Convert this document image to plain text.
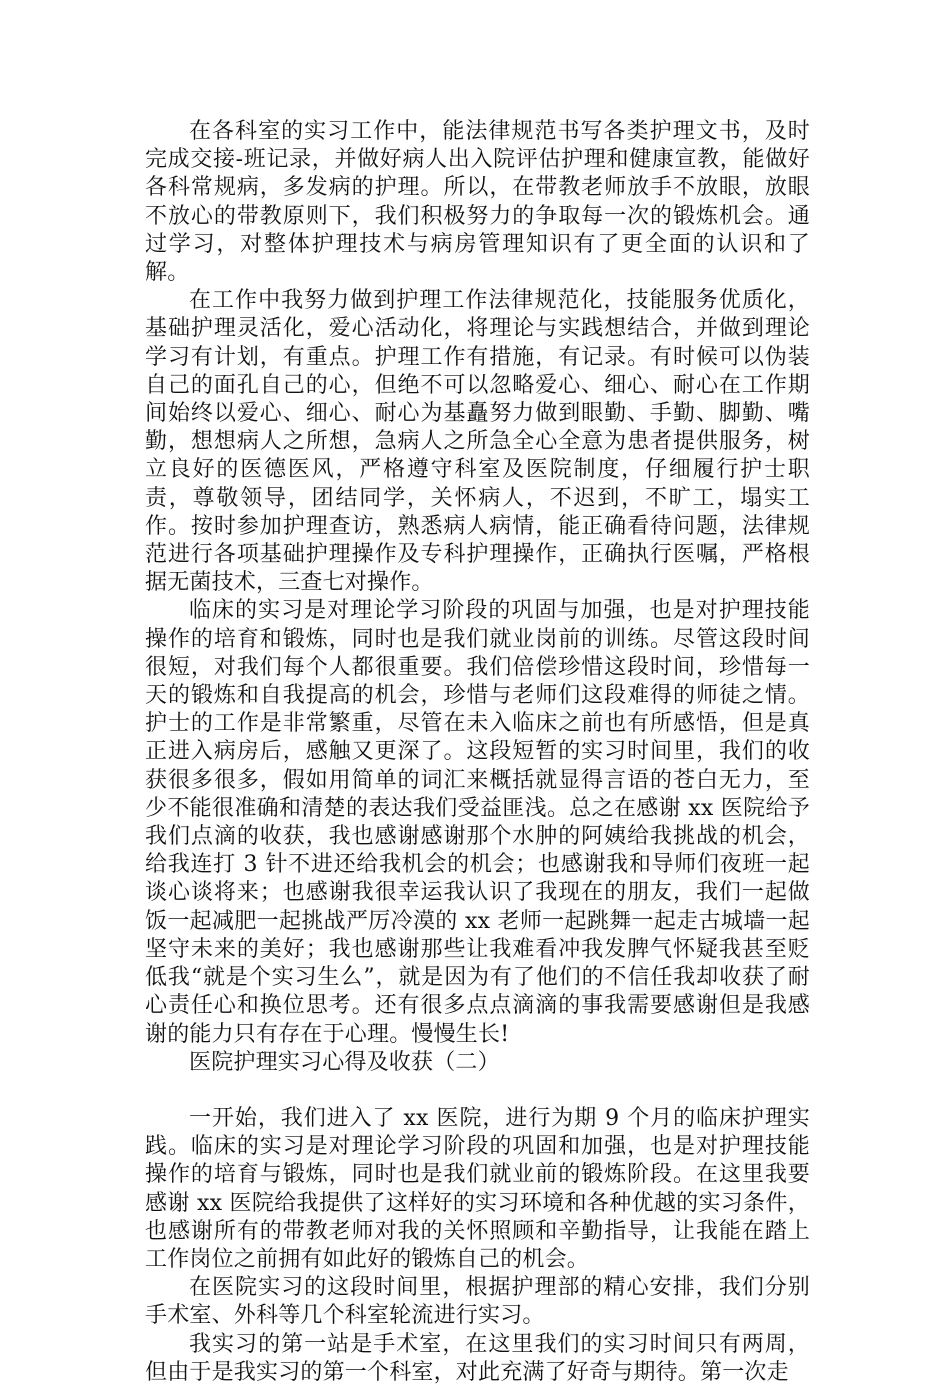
在各科室的实习工作中，能法律规范书写各类护理文书，及时完成交接-班记录，并做好病人出入院评估护理和健康宣教，能做好各科常规病，多发病的护理。所以，在带教老师放手不放眼，放眼不放心的带教原则下，我们积极努力的争取每一次的锻炼机会。通过学习，对整体护理技术与病房管理知识有了更全面的认识和了解。

在工作中我努力做到护理工作法律规范化，技能服务优质化，基础护理灵活化，爱心活动化，将理论与实践想结合，并做到理论学习有计划，有重点。护理工作有措施，有记录。有时候可以伪装自己的面孔自己的心，但绝不可以忽略爱心、细心、耐心在工作期间始终以爱心、细心、耐心为基矗努力做到眼勤、手勤、脚勤、嘴勤，想想病人之所想，急病人之所急全心全意为患者提供服务，树立良好的医德医风，严格遵守科室及医院制度，仔细履行护士职责，尊敬领导，团结同学，关怀病人，不迟到，不旷工，塌实工作。按时参加护理查访，熟悉病人病情，能正确看待问题，法律规范进行各项基础护理操作及专科护理操作，正确执行医嘱，严格根据无菌技术，三查七对操作。

临床的实习是对理论学习阶段的巩固与加强，也是对护理技能操作的培育和锻炼，同时也是我们就业岗前的训练。尽管这段时间很短，对我们每个人都很重要。我们倍偿珍惜这段时间，珍惜每一天的锻炼和自我提高的机会，珍惜与老师们这段难得的师徒之情。护士的工作是非常繁重，尽管在未入临床之前也有所感悟，但是真正进入病房后，感触又更深了。这段短暂的实习时间里，我们的收获很多很多，假如用简单的词汇来概括就显得言语的苍白无力，至少不能很准确和清楚的表达我们受益匪浅。总之在感谢 xx 医院给予我们点滴的收获，我也感谢感谢那个水肿的阿姨给我挑战的机会，给我连打 3 针不进还给我机会的机会；也感谢我和导师们夜班一起谈心谈将来；也感谢我很幸运我认识了我现在的朋友，我们一起做饭一起减肥一起挑战严厉冷漠的 xx 老师一起跳舞一起走古城墙一起坚守未来的美好；我也感谢那些让我难看冲我发脾气怀疑我甚至贬低我“就是个实习生么”，就是因为有了他们的不信任我却收获了耐心责任心和换位思考。还有很多点点滴滴的事我需要感谢但是我感谢的能力只有存在于心理。慢慢生长!

医院护理实习心得及收获（二）

一开始，我们进入了 xx 医院，进行为期 9 个月的临床护理实践。临床的实习是对理论学习阶段的巩固和加强，也是对护理技能操作的培育与锻炼，同时也是我们就业前的锻炼阶段。在这里我要感谢 xx 医院给我提供了这样好的实习环境和各种优越的实习条件，也感谢所有的带教老师对我的关怀照顾和辛勤指导，让我能在踏上工作岗位之前拥有如此好的锻炼自己的机会。

在医院实习的这段时间里，根据护理部的精心安排，我们分别手术室、外科等几个科室轮流进行实习。

我实习的第一站是手术室，在这里我们的实习时间只有两周，但由于是我实习的第一个科室，对此充满了好奇与期待。第一次走
